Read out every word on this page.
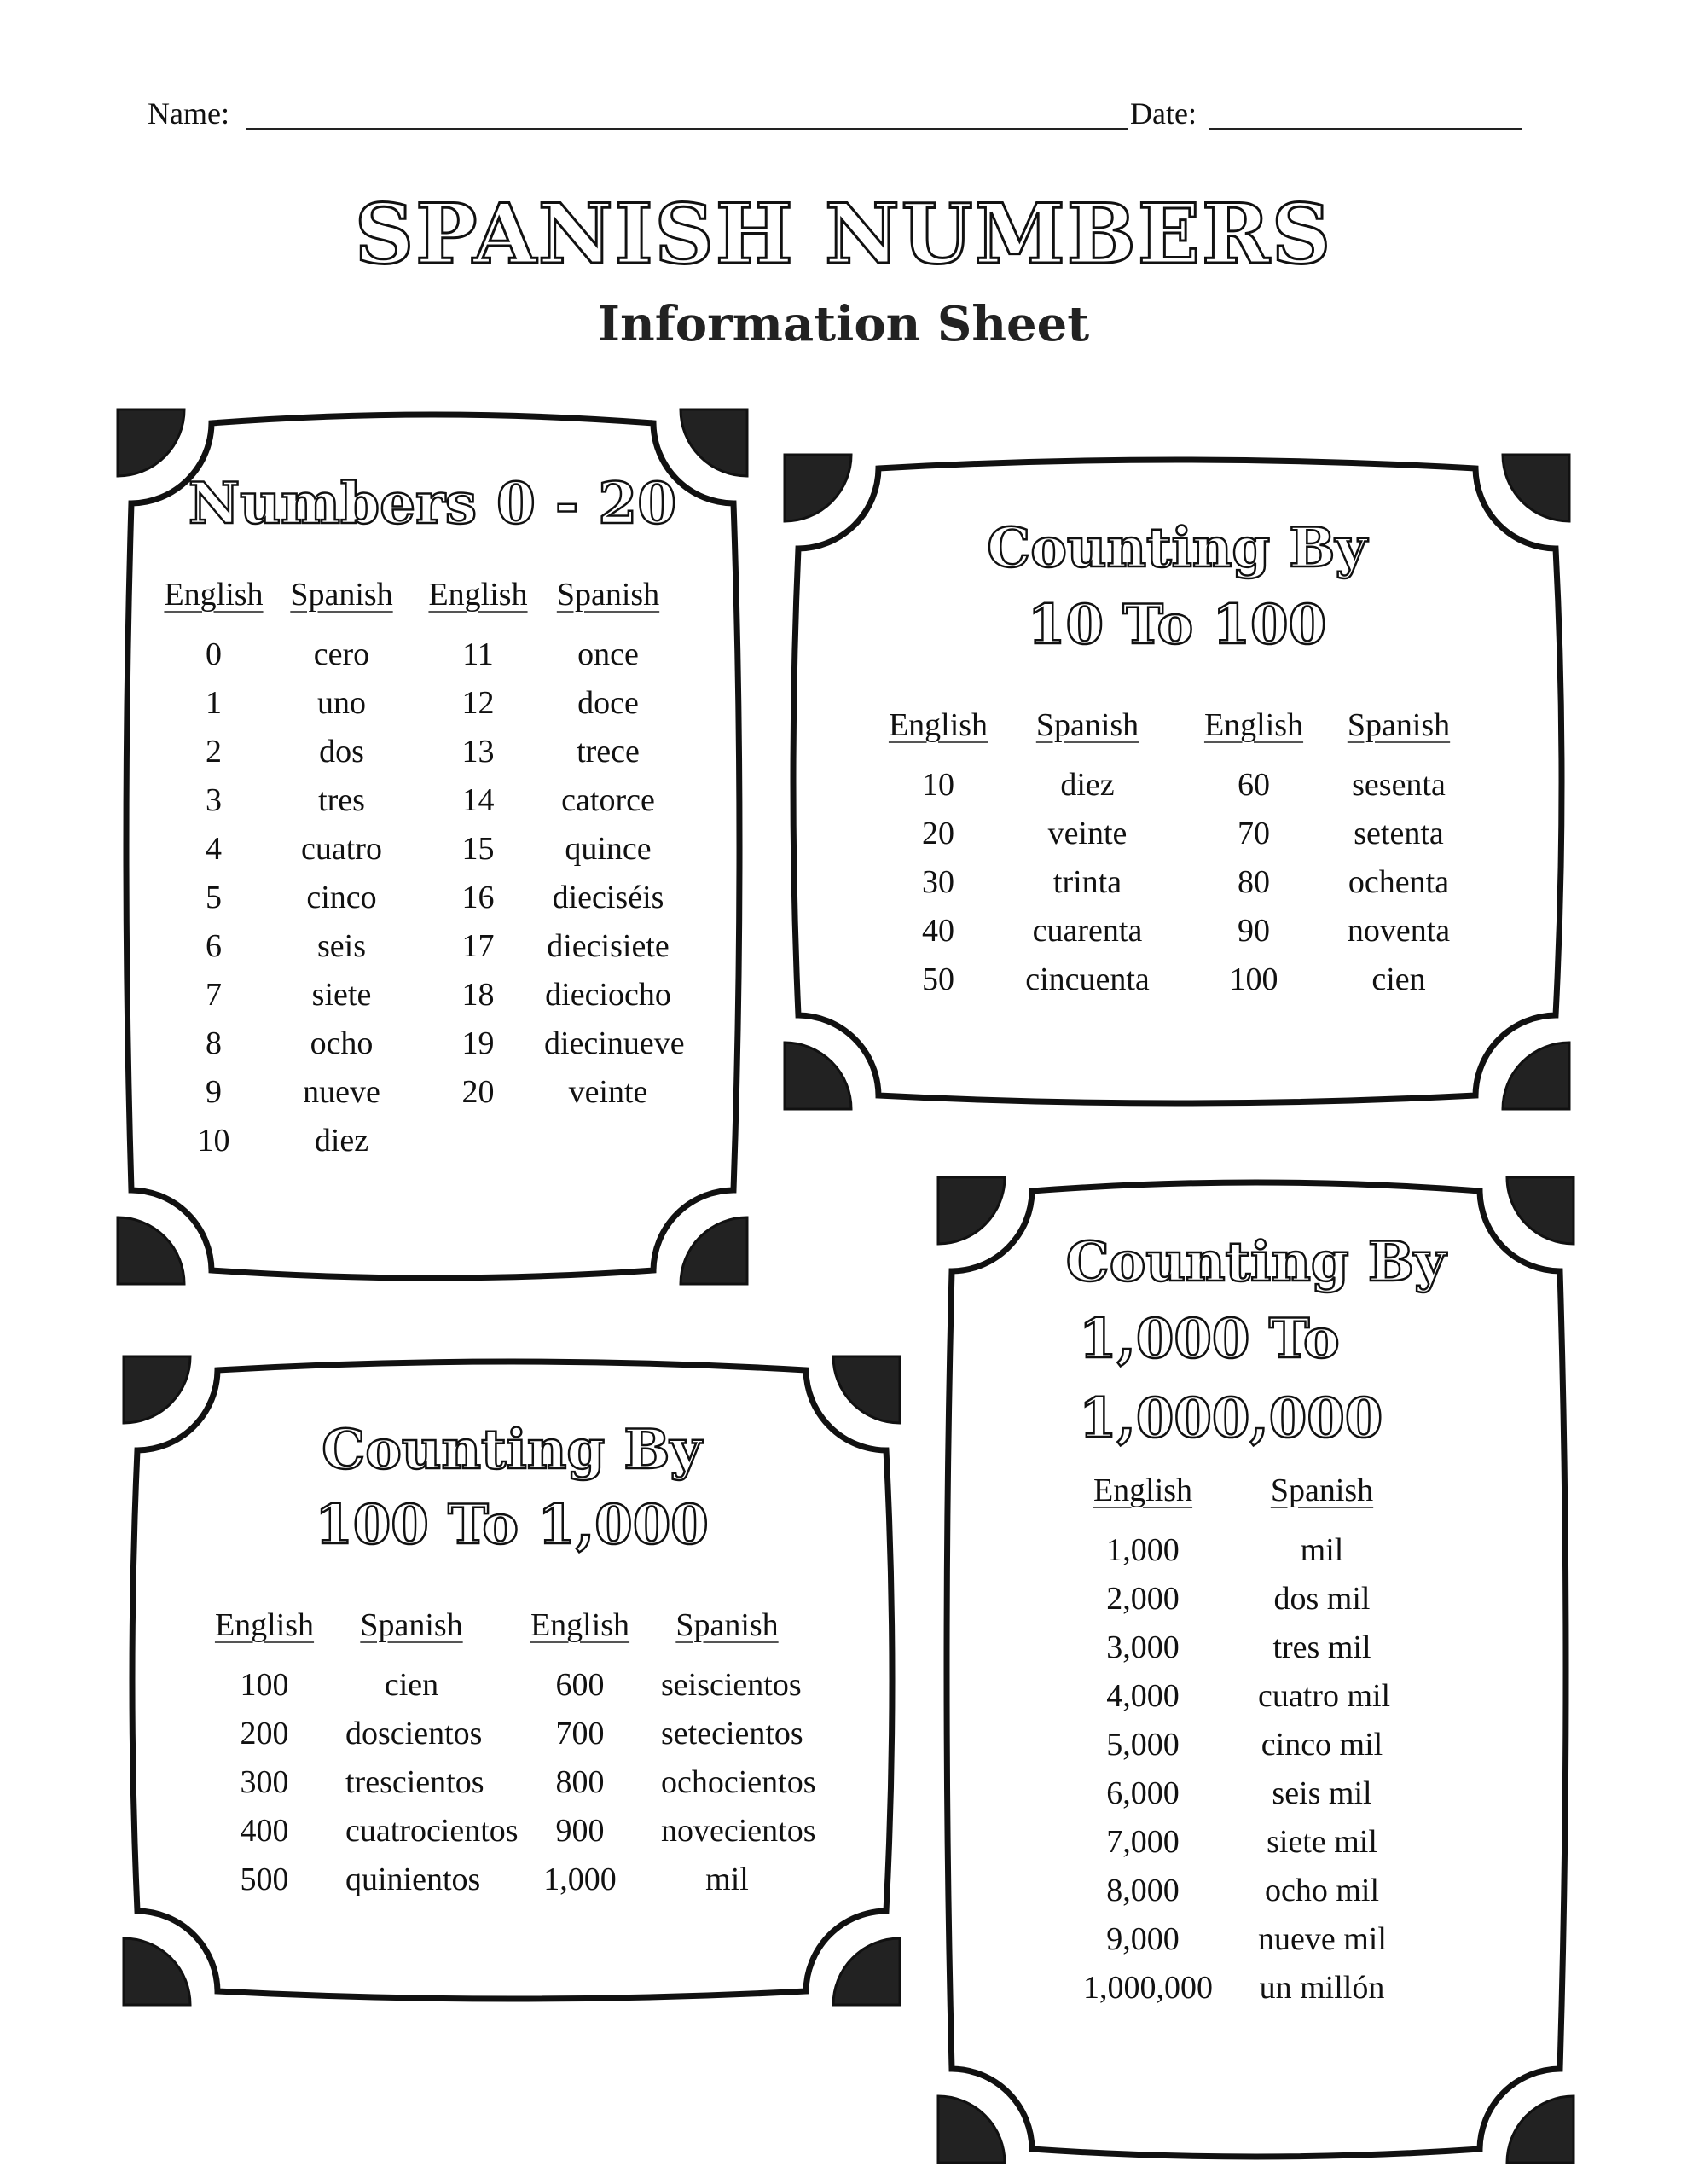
Name:	Date:
SPANISH NUMBERS
Information Sheet
Numbers 0 - 20
English Spanish	English Spanish
0	cero	11	once
1	uno	12	doce
2	dos	13	trece
3	tres	14	catorce
4	cuatro	15	quince
5	cinco	16	dieciséis
6	seis	17	diecisiete
7	siete	18	dieciocho
8	ocho	19	diecinueve
9	nueve	20	veinte
10	diez
Counting By
10 To 100
English	Spanish	English	Spanish
10	diez	60	sesenta
20	veinte	70	setenta
30	trinta	80	ochenta
40	cuarenta	90	noventa
50	cincuenta	100	cien
Counting By
100 To 1,000
English	Spanish	English	Spanish
100	cien	600	seiscientos
200	doscientos	700	setecientos
300	trescientos	800	ochocientos
400	cuatrocientos	900	novecientos
500	quinientos	1,000	mil
Counting By
1,000 To
1,000,000
English	Spanish
1,000	mil
2,000	dos mil
3,000	tres mil
4,000	cuatro mil
5,000	cinco mil
6,000	seis mil
7,000	siete mil
8,000	ocho mil
9,000	nueve mil
1,000,000 un millón
